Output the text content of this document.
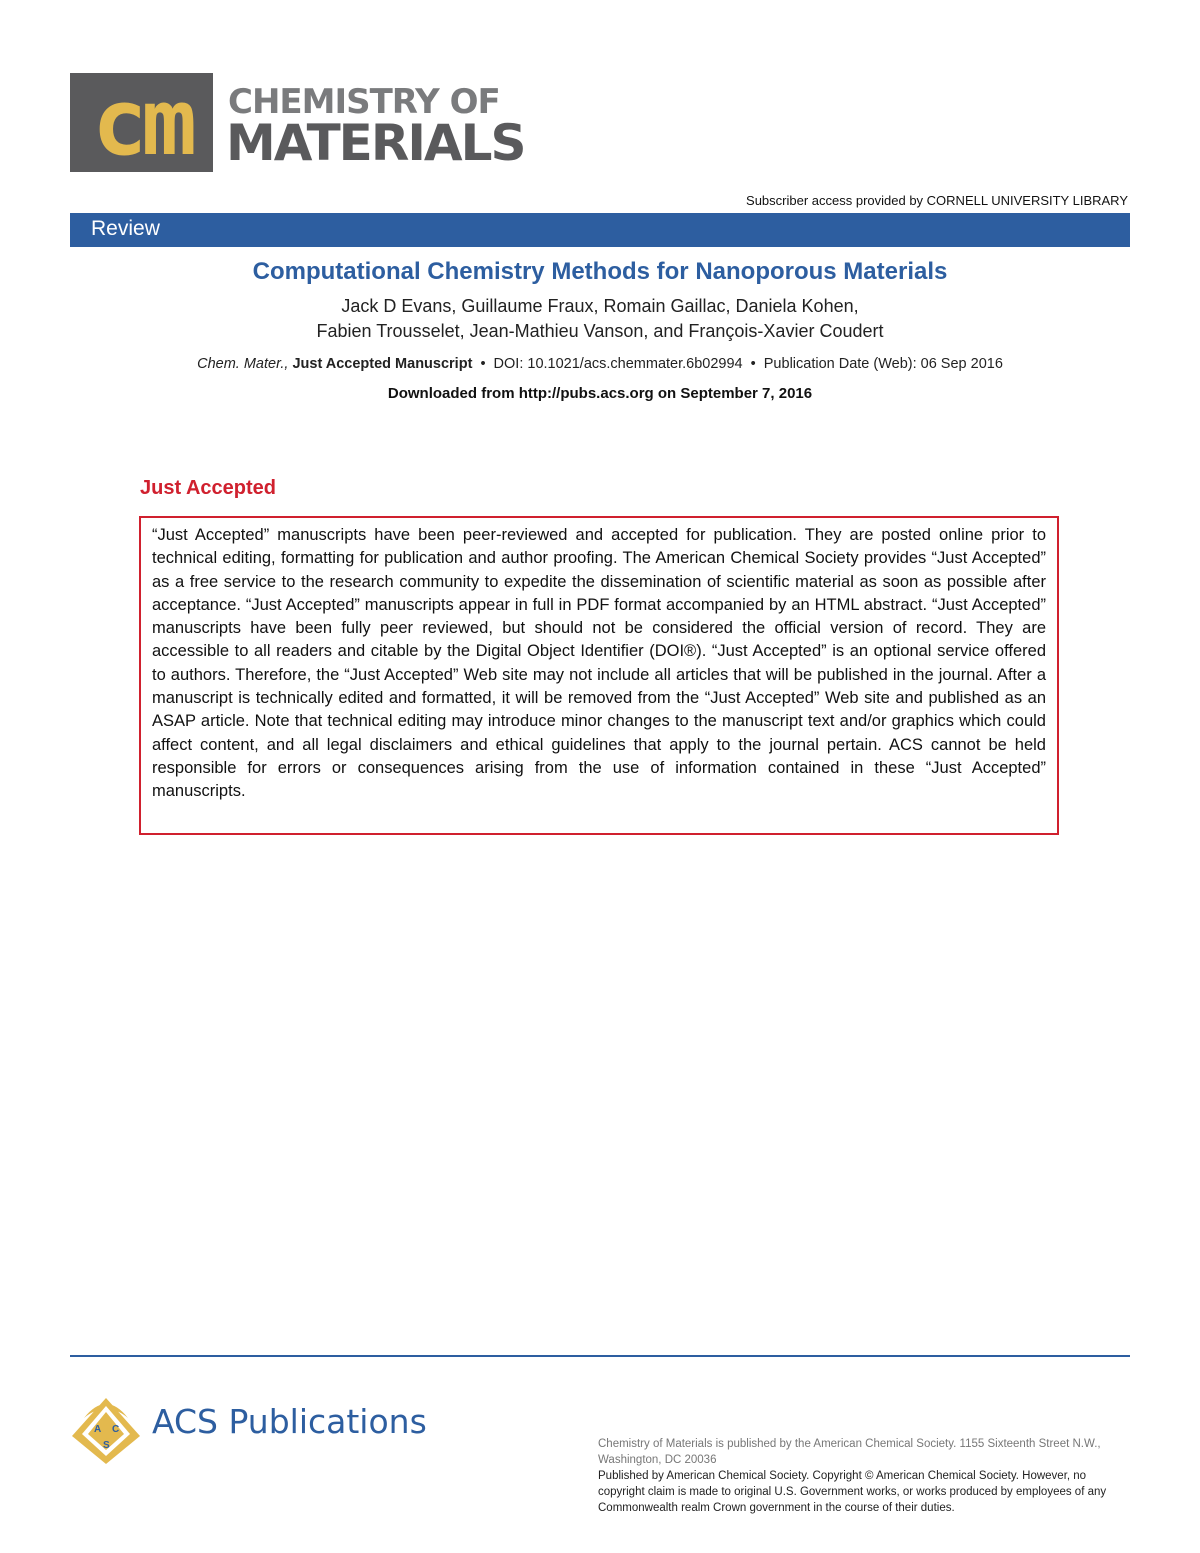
cm	CHEMISTRY OF
MATERIALS
Subscriber access provided by CORNELL UNIVERSITY LIBRARY
Review
Computational Chemistry Methods for Nanoporous Materials
Jack D Evans, Guillaume Fraux, Romain Gaillac, Daniela Kohen,
Fabien Trousselet, Jean-Mathieu Vanson, and François-Xavier Coudert
Chem. Mater., Just Accepted Manuscript • DOI: 10.1021/acs.chemmater.6b02994 • Publication Date (Web): 06 Sep 2016
Downloaded from http://pubs.acs.org on September 7, 2016
Just Accepted
“Just Accepted” manuscripts have been peer-reviewed and accepted for publication. They are posted online prior to technical editing, formatting for publication and author proofing. The American Chemical Society provides “Just Accepted” as a free service to the research community to expedite the dissemination of scientific material as soon as possible after acceptance. “Just Accepted” manuscripts appear in full in PDF format accompanied by an HTML abstract. “Just Accepted” manuscripts have been fully peer reviewed, but should not be considered the official version of record. They are accessible to all readers and citable by the Digital Object Identifier (DOI®). “Just Accepted” is an optional service offered to authors. Therefore, the “Just Accepted” Web site may not include all articles that will be published in the journal. After a manuscript is technically edited and formatted, it will be removed from the “Just Accepted” Web site and published as an ASAP article. Note that technical editing may introduce minor changes to the manuscript text and/or graphics which could affect content, and all legal disclaimers and ethical guidelines that apply to the journal pertain. ACS cannot be held responsible for errors or consequences arising from the use of information contained in these “Just Accepted” manuscripts.
A C
S
ACS Publications
Chemistry of Materials is published by the American Chemical Society. 1155 Sixteenth Street N.W., Washington, DC 20036
Published by American Chemical Society. Copyright © American Chemical Society. However, no copyright claim is made to original U.S. Government works, or works produced by employees of any Commonwealth realm Crown government in the course of their duties.
